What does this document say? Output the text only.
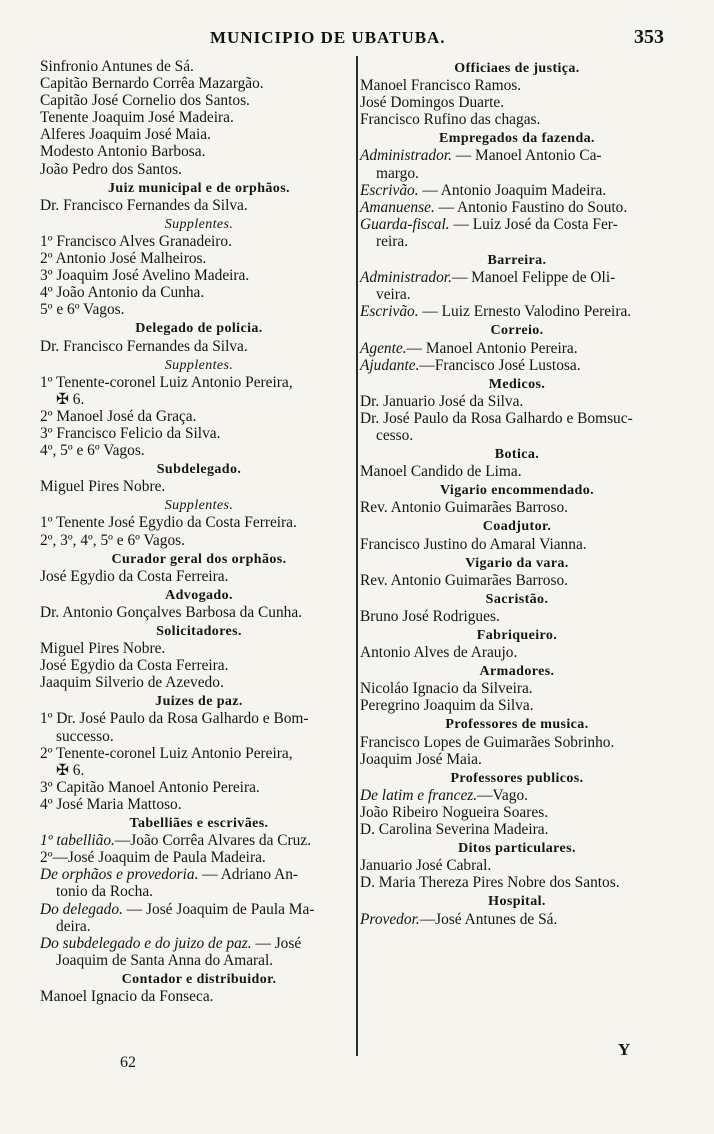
MUNICIPIO DE UBATUBA.	353
Sinfronio Antunes de Sá.
Capitão Bernardo Corrêa Mazargão.
Capitão José Cornelio dos Santos.
Tenente Joaquim José Madeira.
Alferes Joaquim José Maia.
Modesto Antonio Barbosa.
João Pedro dos Santos.
Juiz municipal e de orphãos.
Dr. Francisco Fernandes da Silva.
Supplentes.
1º Francisco Alves Granadeiro.
2º Antonio José Malheiros.
3º Joaquim José Avelino Madeira.
4º João Antonio da Cunha.
5º e 6º Vagos.
Delegado de policia.
Dr. Francisco Fernandes da Silva.
Supplentes.
1º Tenente-coronel Luiz Antonio Pereira,
✠ 6.
2º Manoel José da Graça.
3º Francisco Felicio da Silva.
4º, 5º e 6º Vagos.
Subdelegado.
Miguel Pires Nobre.
Supplentes.
1º Tenente José Egydio da Costa Ferreira.
2º, 3º, 4º, 5º e 6º Vagos.
Curador geral dos orphãos.
José Egydio da Costa Ferreira.
Advogado.
Dr. Antonio Gonçalves Barbosa da Cunha.
Solicitadores.
Miguel Pires Nobre.
José Egydio da Costa Ferreira.
Jaaquim Silverio de Azevedo.
Juizes de paz.
1º Dr. José Paulo da Rosa Galhardo e Bom-
successo.
2º Tenente-coronel Luiz Antonio Pereira,
✠ 6.
3º Capitão Manoel Antonio Pereira.
4º José Maria Mattoso.
Tabelliães e escrivães.
1º tabellião.—João Corrêa Alvares da Cruz.
2º—José Joaquim de Paula Madeira.
De orphãos e provedoria. — Adriano An-
tonio da Rocha.
Do delegado. — José Joaquim de Paula Ma-
deira.
Do subdelegado e do juizo de paz. — José
Joaquim de Santa Anna do Amaral.
Contador e distribuidor.
Manoel Ignacio da Fonseca.
Officiaes de justiça.
Manoel Francisco Ramos.
José Domingos Duarte.
Francisco Rufino das chagas.
Empregados da fazenda.
Administrador. — Manoel Antonio Ca-
margo.
Escrivão. — Antonio Joaquim Madeira.
Amanuense. — Antonio Faustino do Souto.
Guarda-fiscal. — Luiz José da Costa Fer-
reira.
Barreira.
Administrador.— Manoel Felippe de Oli-
veira.
Escrivão. — Luiz Ernesto Valodino Pereira.
Correio.
Agente.— Manoel Antonio Pereira.
Ajudante.—Francisco José Lustosa.
Medicos.
Dr. Januario José da Silva.
Dr. José Paulo da Rosa Galhardo e Bomsuc-
cesso.
Botica.
Manoel Candido de Lima.
Vigario encommendado.
Rev. Antonio Guimarães Barroso.
Coadjutor.
Francisco Justino do Amaral Vianna.
Vigario da vara.
Rev. Antonio Guimarães Barroso.
Sacristão.
Bruno José Rodrigues.
Fabriqueiro.
Antonio Alves de Araujo.
Armadores.
Nicoláo Ignacio da Silveira.
Peregrino Joaquim da Silva.
Professores de musica.
Francisco Lopes de Guimarães Sobrinho.
Joaquim José Maia.
Professores publicos.
De latim e francez.—Vago.
João Ribeiro Nogueira Soares.
D. Carolina Severina Madeira.
Ditos particulares.
Januario José Cabral.
D. Maria Thereza Pires Nobre dos Santos.
Hospital.
Provedor.—José Antunes de Sá.
62
Y
